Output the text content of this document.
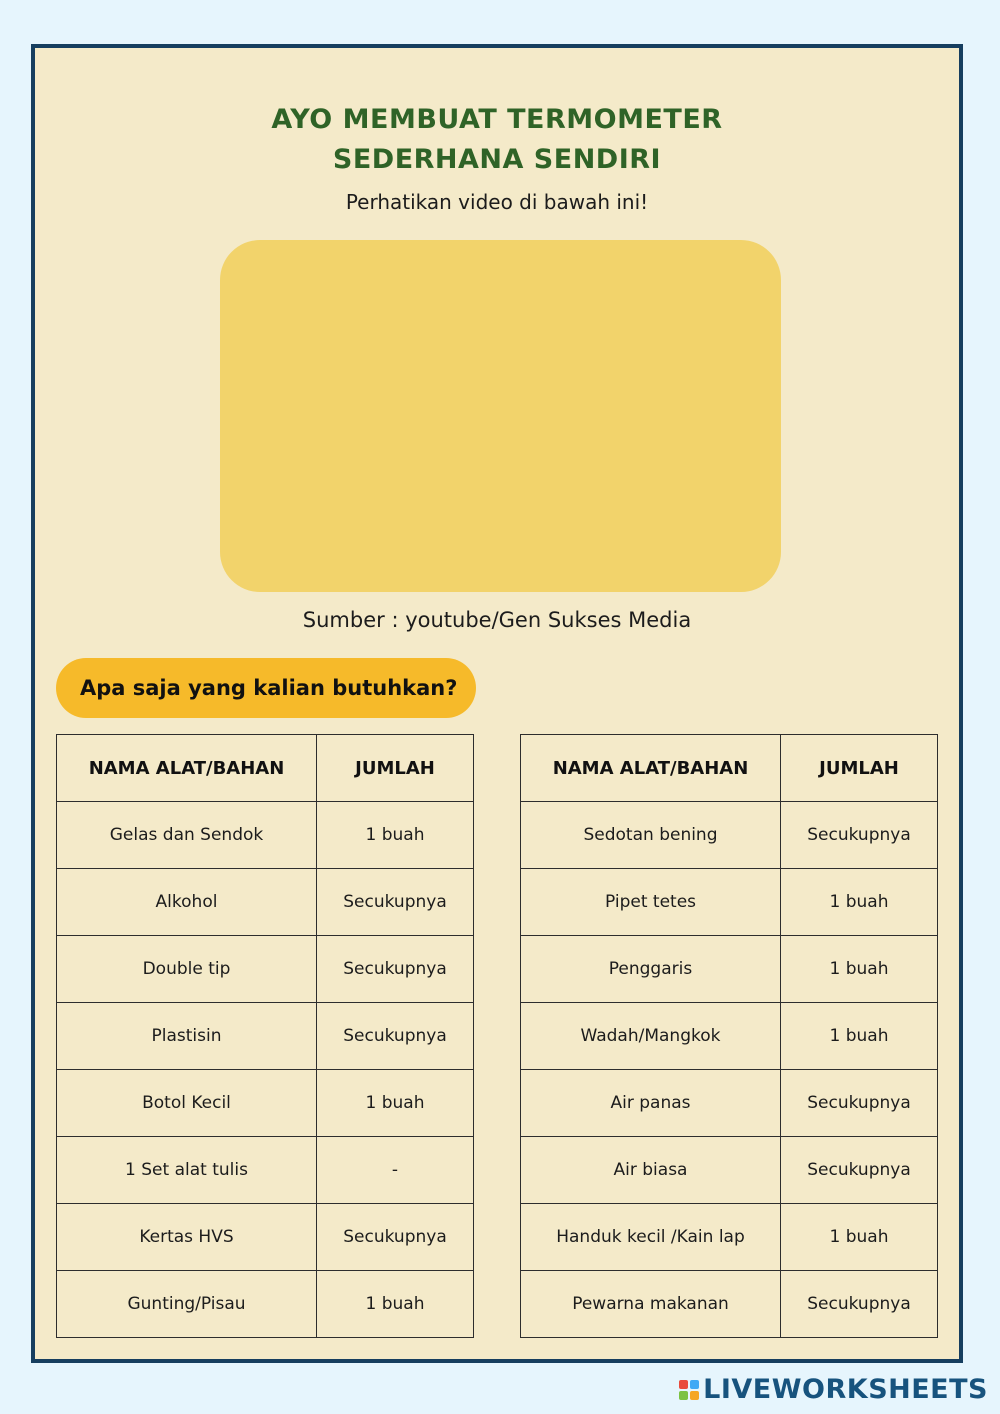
AYO MEMBUAT TERMOMETER
SEDERHANA SENDIRI
Perhatikan video di bawah ini!
Sumber : youtube/Gen Sukses Media
Apa saja yang kalian butuhkan?
NAMA ALAT/BAHAN	JUMLAH
Gelas dan Sendok	1 buah
Alkohol	Secukupnya
Double tip	Secukupnya
Plastisin	Secukupnya
Botol Kecil	1 buah
1 Set alat tulis	-
Kertas HVS	Secukupnya
Gunting/Pisau	1 buah
NAMA ALAT/BAHAN	JUMLAH
Sedotan bening	Secukupnya
Pipet tetes	1 buah
Penggaris	1 buah
Wadah/Mangkok	1 buah
Air panas	Secukupnya
Air biasa	Secukupnya
Handuk kecil /Kain lap	1 buah
Pewarna makanan	Secukupnya
LIVEWORKSHEETS
